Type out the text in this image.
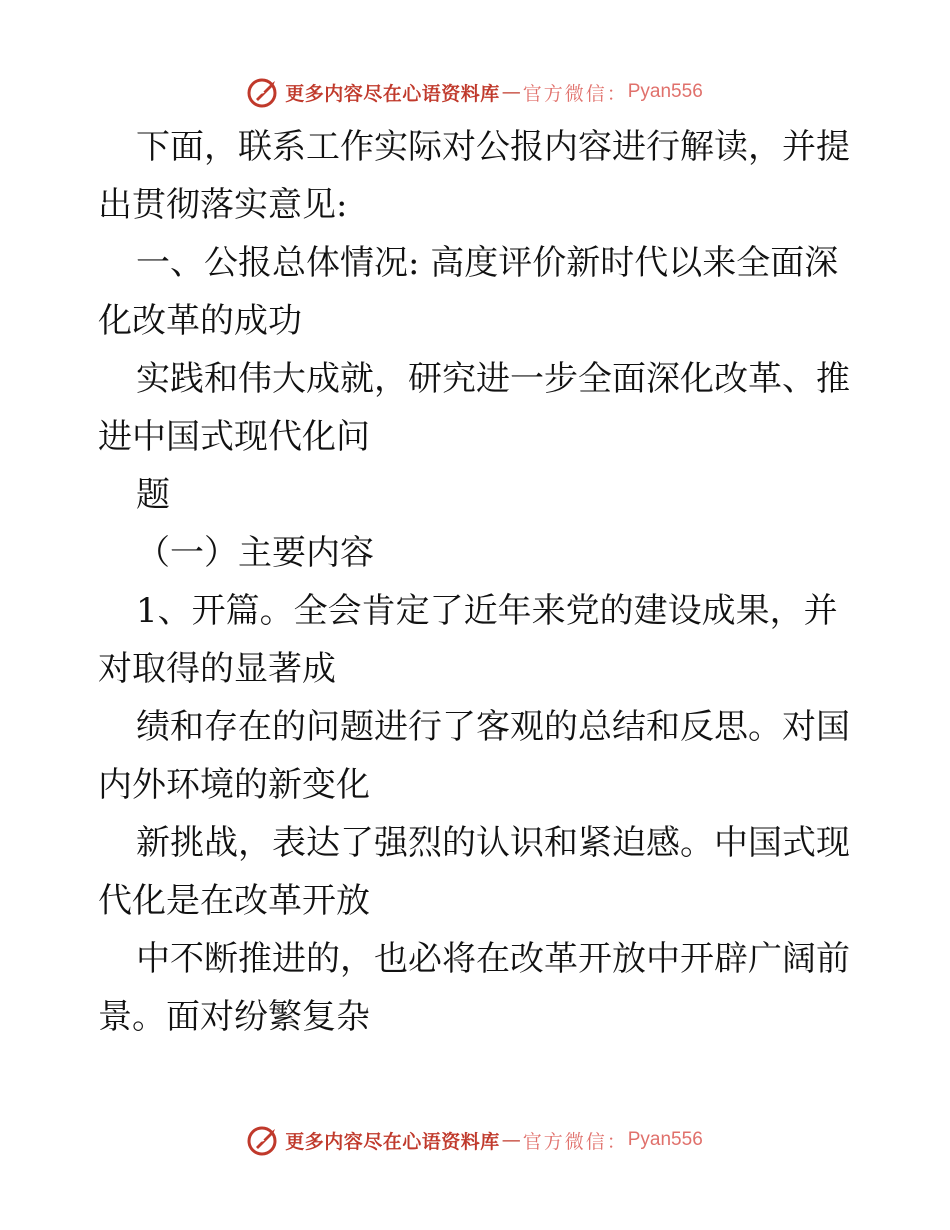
更多内容尽在心语资料库 — 官方微信： Pyan556
下面，联系工作实际对公报内容进行解读，并提
出贯彻落实意见:
一、公报总体情况: 高度评价新时代以来全面深
化改革的成功
实践和伟大成就，研究进一步全面深化改革、推
进中国式现代化问
题
（一）主要内容
1、开篇。全会肯定了近年来党的建设成果，并
对取得的显著成
绩和存在的问题进行了客观的总结和反思。对国
内外环境的新变化
新挑战，表达了强烈的认识和紧迫感。中国式现
代化是在改革开放
中不断推进的，也必将在改革开放中开辟广阔前
景。面对纷繁复杂
更多内容尽在心语资料库 — 官方微信： Pyan556
